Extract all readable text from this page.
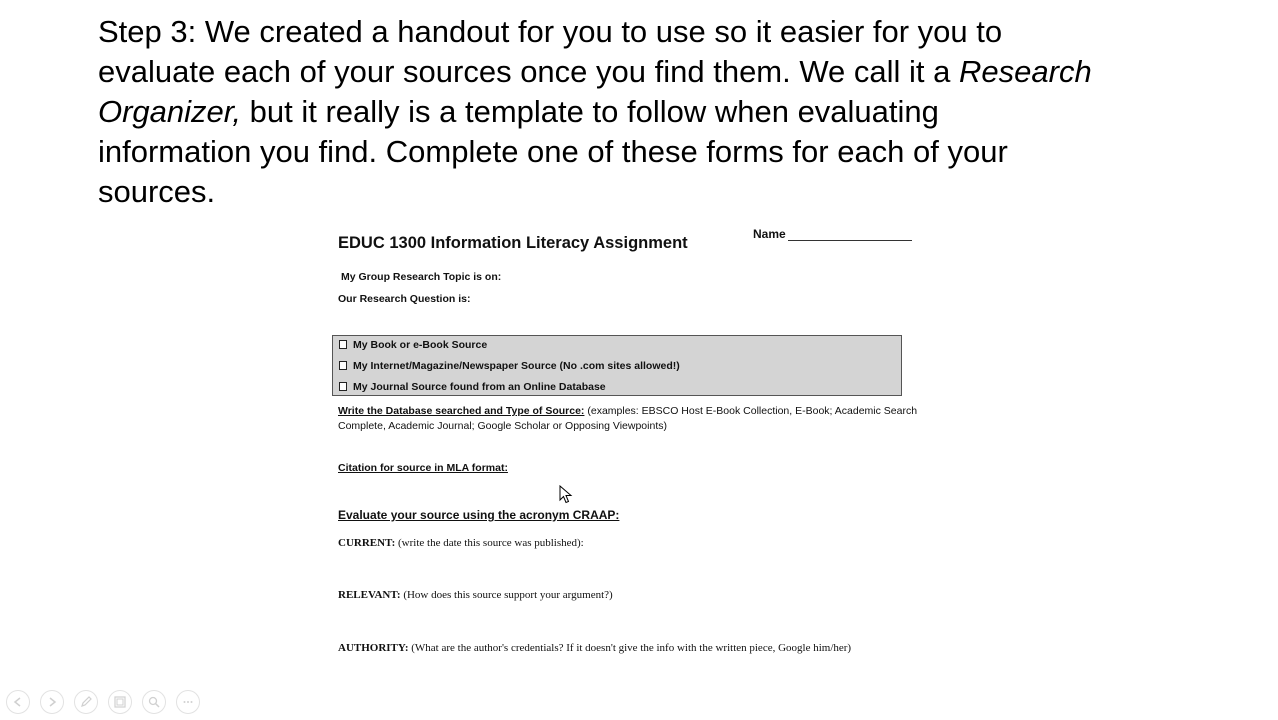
Step 3: We created a handout for you to use so it easier for you to
evaluate each of your sources once you find them. We call it a Research
Organizer, but it really is a template to follow when evaluating
information you find. Complete one of these forms for each of your
sources.
EDUC 1300 Information Literacy Assignment	Name
My Group Research Topic is on:
Our Research Question is:
My Book or e-Book Source
My Internet/Magazine/Newspaper Source (No .com sites allowed!)
My Journal Source found from an Online Database
Write the Database searched and Type of Source: (examples: EBSCO Host E-Book Collection, E-Book; Academic Search Complete, Academic Journal; Google Scholar or Opposing Viewpoints)
Citation for source in MLA format:
Evaluate your source using the acronym CRAAP:
CURRENT: (write the date this source was published):
RELEVANT: (How does this source support your argument?)
AUTHORITY: (What are the author's credentials? If it doesn't give the info with the written piece, Google him/her)
